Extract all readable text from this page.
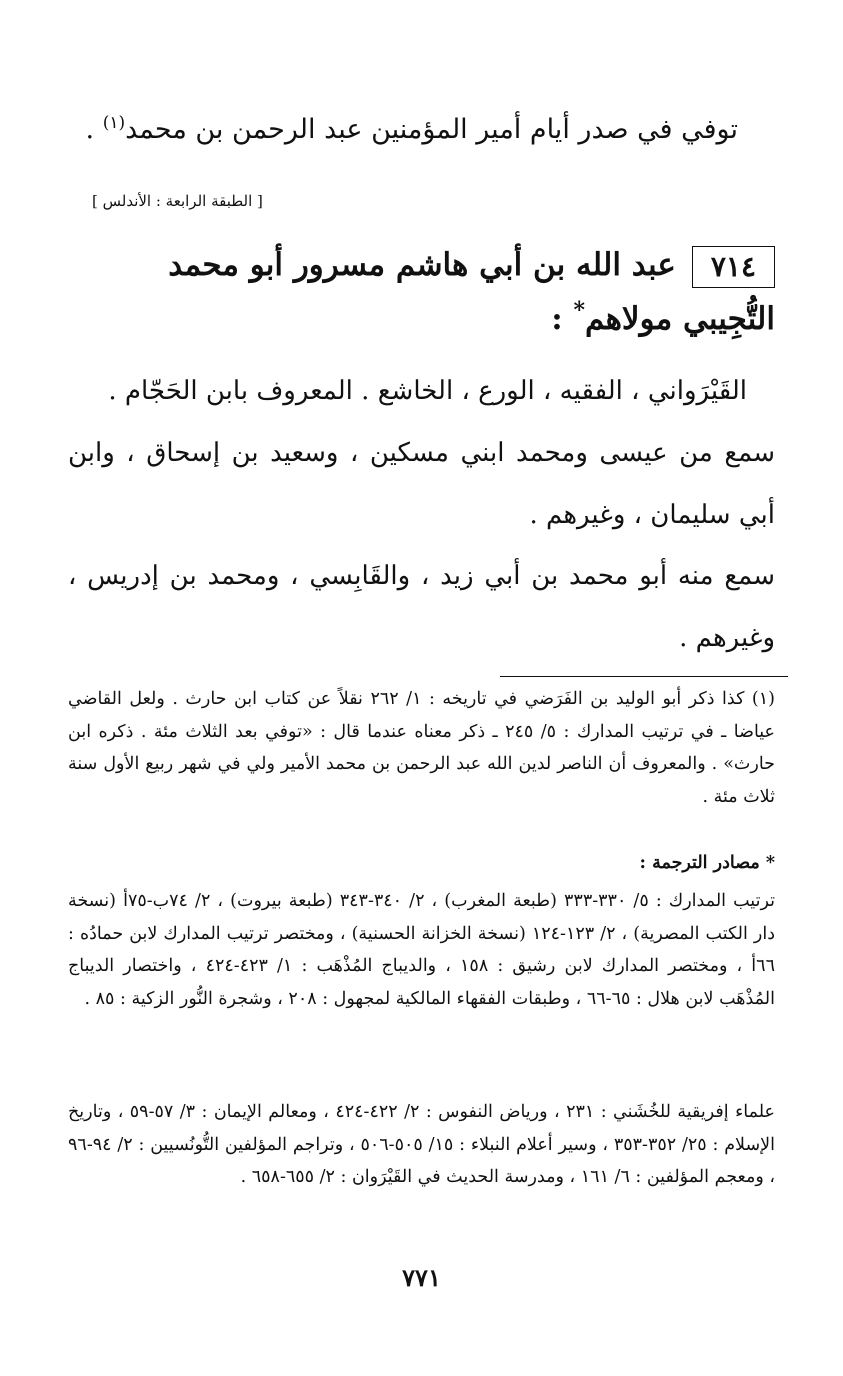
توفي في صدر أيام أمير المؤمنين عبد الرحمن بن محمد$^{(١)}$ .
[ الطبقة الرابعة : الأندلس ]
٧١٤عبد الله بن أبي هاشم مسرور أبو محمد التُّجِيبي مولاهم* :
القَيْرَواني ، الفقيه ، الورع ، الخاشع . المعروف بابن الحَجّام .
سمع من عيسى ومحمد ابني مسكين ، وسعيد بن إسحاق ، وابن أبي سليمان ، وغيرهم .
سمع منه أبو محمد بن أبي زيد ، والقَابِسي ، ومحمد بن إدريس ، وغيرهم .
(١) كذا ذكر أبو الوليد بن الفَرَضي في تاريخه : ١/ ٢٦٢ نقلاً عن كتاب ابن حارث . ولعل القاضي عياضا ـ في ترتيب المدارك : ٥/ ٢٤٥ ـ ذكر معناه عندما قال : «توفي بعد الثلاث مئة . ذكره ابن حارث» . والمعروف أن الناصر لدين الله عبد الرحمن بن محمد الأمير ولي في شهر ربيع الأول سنة ثلاث مئة .
* مصادر الترجمة :
ترتيب المدارك : ٥/ ٣٣٠-٣٣٣ (طبعة المغرب) ، ٢/ ٣٤٠-٣٤٣ (طبعة بيروت) ، ٢/ ٧٤ب-٧٥أ (نسخة دار الكتب المصرية) ، ٢/ ١٢٣-١٢٤ (نسخة الخزانة الحسنية) ، ومختصر ترتيب المدارك لابن حمادُه : ٦٦أ ، ومختصر المدارك لابن رشيق : ١٥٨ ، والديباج المُذْهَب : ١/ ٤٢٣-٤٢٤ ، واختصار الديباج المُذْهَب لابن هلال : ٦٥-٦٦ ، وطبقات الفقهاء المالكية لمجهول : ٢٠٨ ، وشجرة النُّور الزكية : ٨٥ .
علماء إفريقية للخُشَني : ٢٣١ ، ورياض النفوس : ٢/ ٤٢٢-٤٢٤ ، ومعالم الإيمان : ٣/ ٥٧-٥٩ ، وتاريخ الإسلام : ٢٥/ ٣٥٢-٣٥٣ ، وسير أعلام النبلاء : ١٥/ ٥٠٥-٥٠٦ ، وتراجم المؤلفين التُّونُسيين : ٢/ ٩٤-٩٦ ، ومعجم المؤلفين : ٦/ ١٦١ ، ومدرسة الحديث في القَيْرَوان : ٢/ ٦٥٥-٦٥٨ .
٧٧١
